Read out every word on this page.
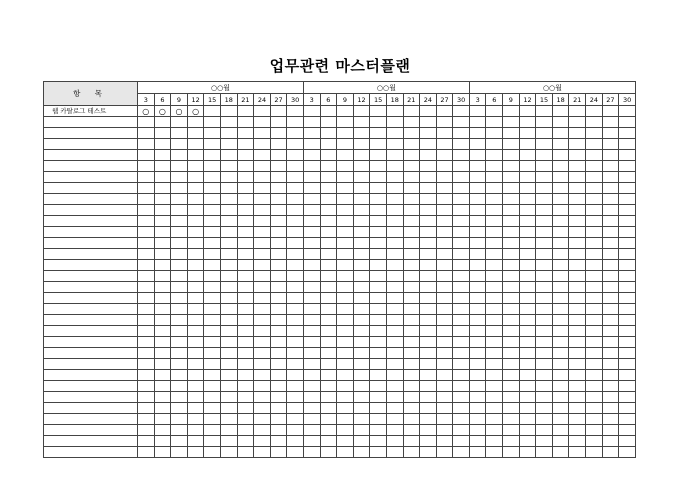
업무관련 마스터플랜
항 목	○○월										○○월										○○월									
	3	6	9	12	15	18	21	24	27	30	3	6	9	12	15	18	21	24	27	30	3	6	9	12	15	18	21	24	27	30
웹 카탈로그 테스트	○	○	○	○																										
